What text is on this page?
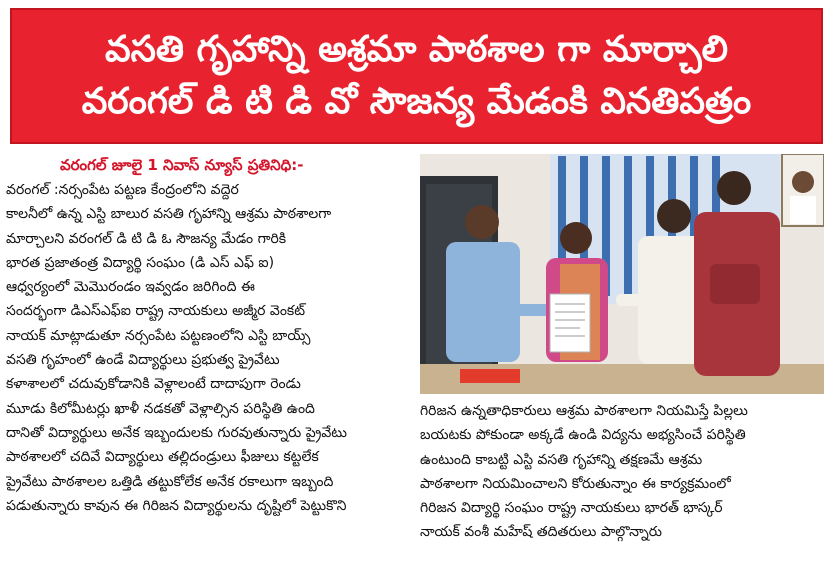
వసతి గృహాన్ని అశ్రమా పాఠశాల గా మార్చాలి
వరంగల్ డి టి డి వో సౌజన్య మేడంకి వినతిపత్రం
వరంగల్ జూలై 1 నివాస్ న్యూస్ ప్రతినిధి:-
వరంగల్ :నర్సంపేట పట్టణ కేంద్రంలోని వద్దెర
కాలనీలో ఉన్న ఎస్టి బాలుర వసతి గృహాన్ని ఆశ్రమ పాఠశాలగా
మార్చాలని వరంగల్ డి టి డి ఓ సౌజన్య మేడం గారికి
భారత ప్రజాతంత్ర విద్యార్థి సంఘం (డి ఎస్ ఎఫ్ ఐ)
ఆధ్వర్యంలో మెమొరండం ఇవ్వడం జరిగింది ఈ
సందర్భంగా డిఎస్ఎఫ్ఐ రాష్ట్ర నాయకులు అజ్మీర వెంకట్
నాయక్ మాట్లాడుతూ నర్సంపేట పట్టణంలోని ఎస్టి బాయ్స్
వసతి గృహంలో ఉండే విద్యార్థులు ప్రభుత్వ ప్రైవేటు
కళాశాలలో చదువుకోడానికి వెళ్లాలంటే దాదాపుగా రెండు
మూడు కిలోమీటర్లు ఖాళీ నడకతో వెళ్లాల్సిన పరిస్థితి ఉంది
దానితో విద్యార్థులు అనేక ఇబ్బందులకు గురవుతున్నారు ప్రైవేటు
పాఠశాలలో చదివే విద్యార్థులు తల్లిదండ్రులు ఫీజులు కట్టలేక
ప్రైవేటు పాఠశాలల ఒత్తిడి తట్టుకోలేక అనేక రకాలుగా ఇబ్బంది
పడుతున్నారు కావున ఈ గిరిజన విద్యార్థులను దృష్టిలో పెట్టుకొని
గిరిజన ఉన్నతాధికారులు ఆశ్రమ పాఠశాలగా నియమిస్తే పిల్లలు
బయటకు పోకుండా అక్కడే ఉండి విద్యను అభ్యసించే పరిస్థితి
ఉంటుంది కాబట్టి ఎస్టి వసతి గృహాన్ని తక్షణమే ఆశ్రమ
పాఠశాలగా నియమించాలని కోరుతున్నాం ఈ కార్యక్రమంలో
గిరిజన విద్యార్థి సంఘం రాష్ట్ర నాయకులు భారత్ భాస్కర్
నాయక్ వంశీ మహేష్ తదితరులు పాల్గొన్నారు
